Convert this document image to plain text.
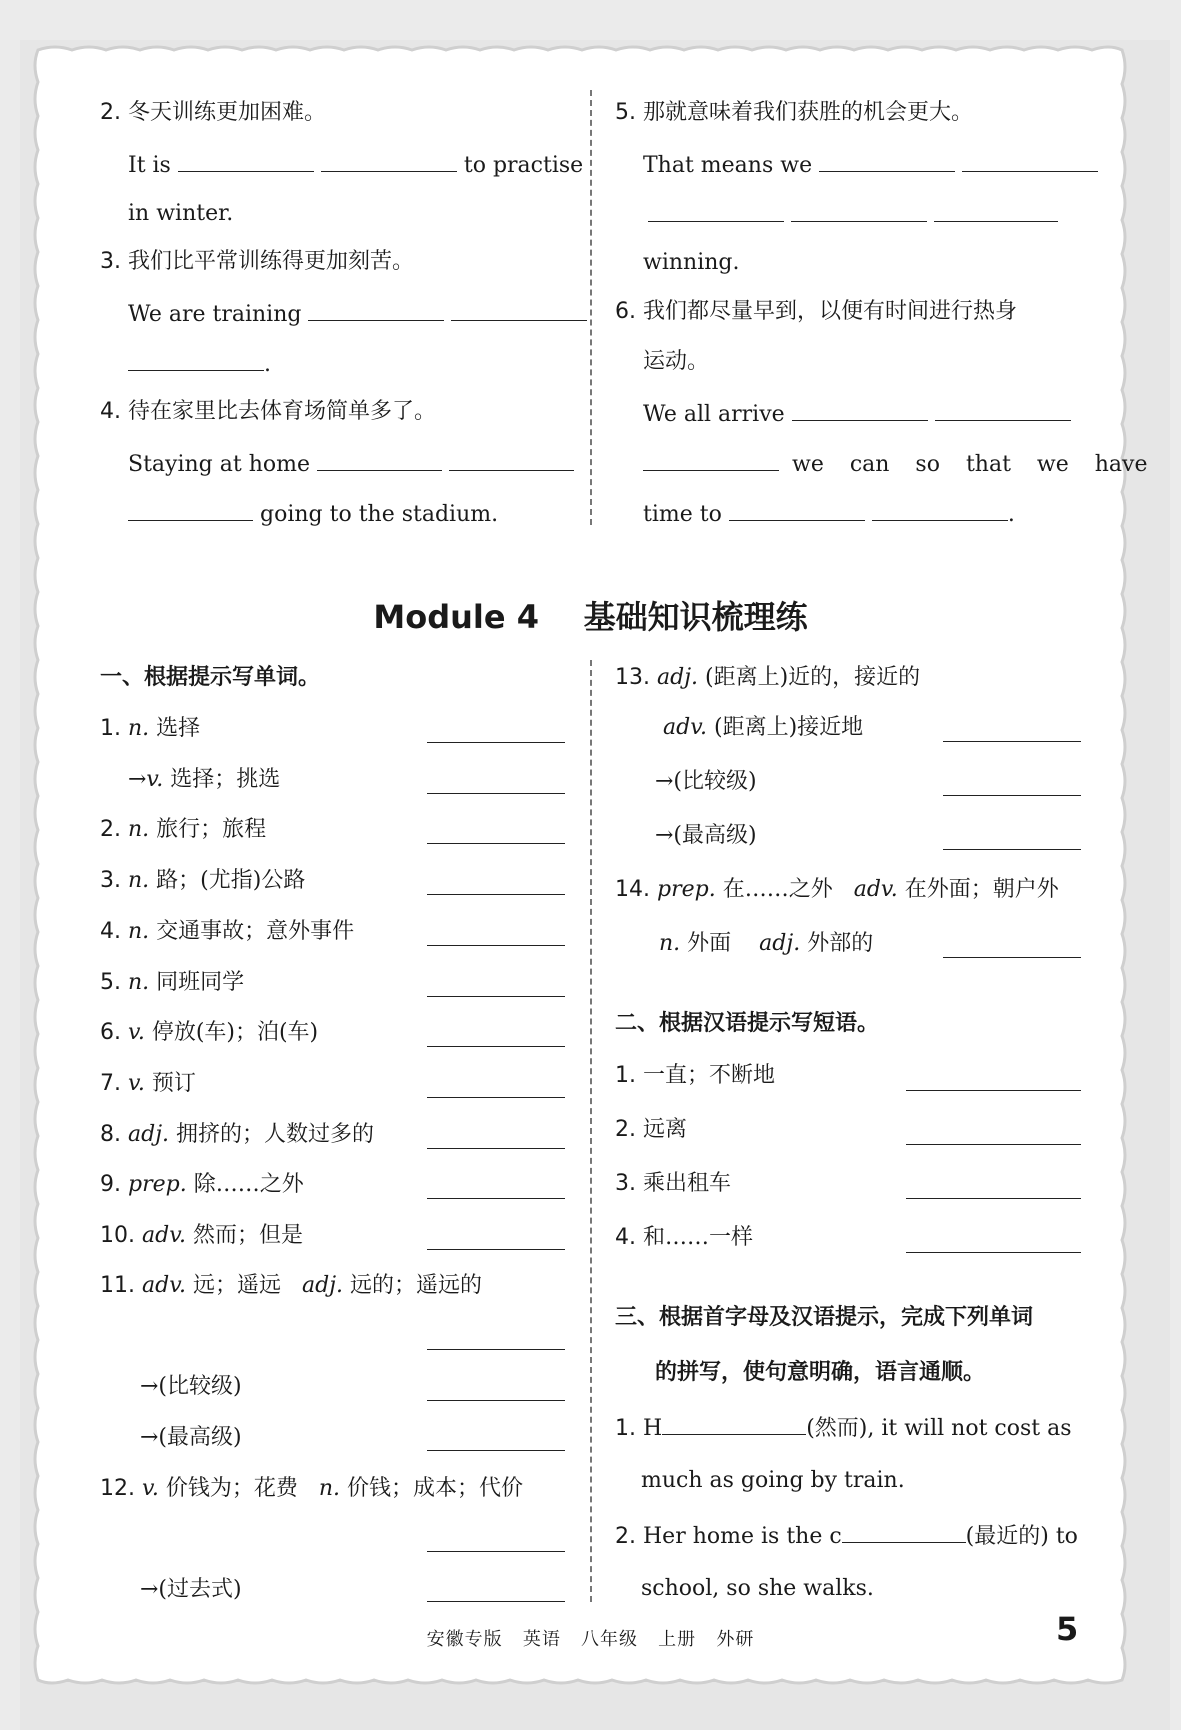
2. 冬天训练更加困难。
It is	to practise
in winter.
3. 我们比平常训练得更加刻苦。
We are training
.
4. 待在家里比去体育场简单多了。
Staying at home
going to the stadium.
5. 那就意味着我们获胜的机会更大。
That means we

winning.
6. 我们都尽量早到，以便有时间进行热身
运动。
We all arrive
we  can  so  that  we  have
time to	.
Module 4    基础知识梳理练
一、根据提示写单词。
1. n. 选择
→v. 选择；挑选
2. n. 旅行；旅程
3. n. 路；(尤指)公路
4. n. 交通事故；意外事件
5. n. 同班同学
6. v. 停放(车)；泊(车)
7. v. 预订
8. adj. 拥挤的；人数过多的
9. prep. 除……之外
10. adv. 然而；但是
11. adv. 远；遥远 adj. 远的；遥远的
→(比较级)
→(最高级)
12. v. 价钱为；花费 n. 价钱；成本；代价
→(过去式)
13. adj. (距离上)近的，接近的
adv. (距离上)接近地
→(比较级)
→(最高级)
14. prep. 在……之外 adv. 在外面；朝户外
n. 外面 adj. 外部的
二、根据汉语提示写短语。
1. 一直；不断地
2. 远离
3. 乘出租车
4. 和……一样
三、根据首字母及汉语提示，完成下列单词
的拼写，使句意明确，语言通顺。
1. H	(然而), it will not cost as
much as going by train.
2. Her home is the c	(最近的) to
school, so she walks.
安徽专版   英语   八年级   上册   外研	5
